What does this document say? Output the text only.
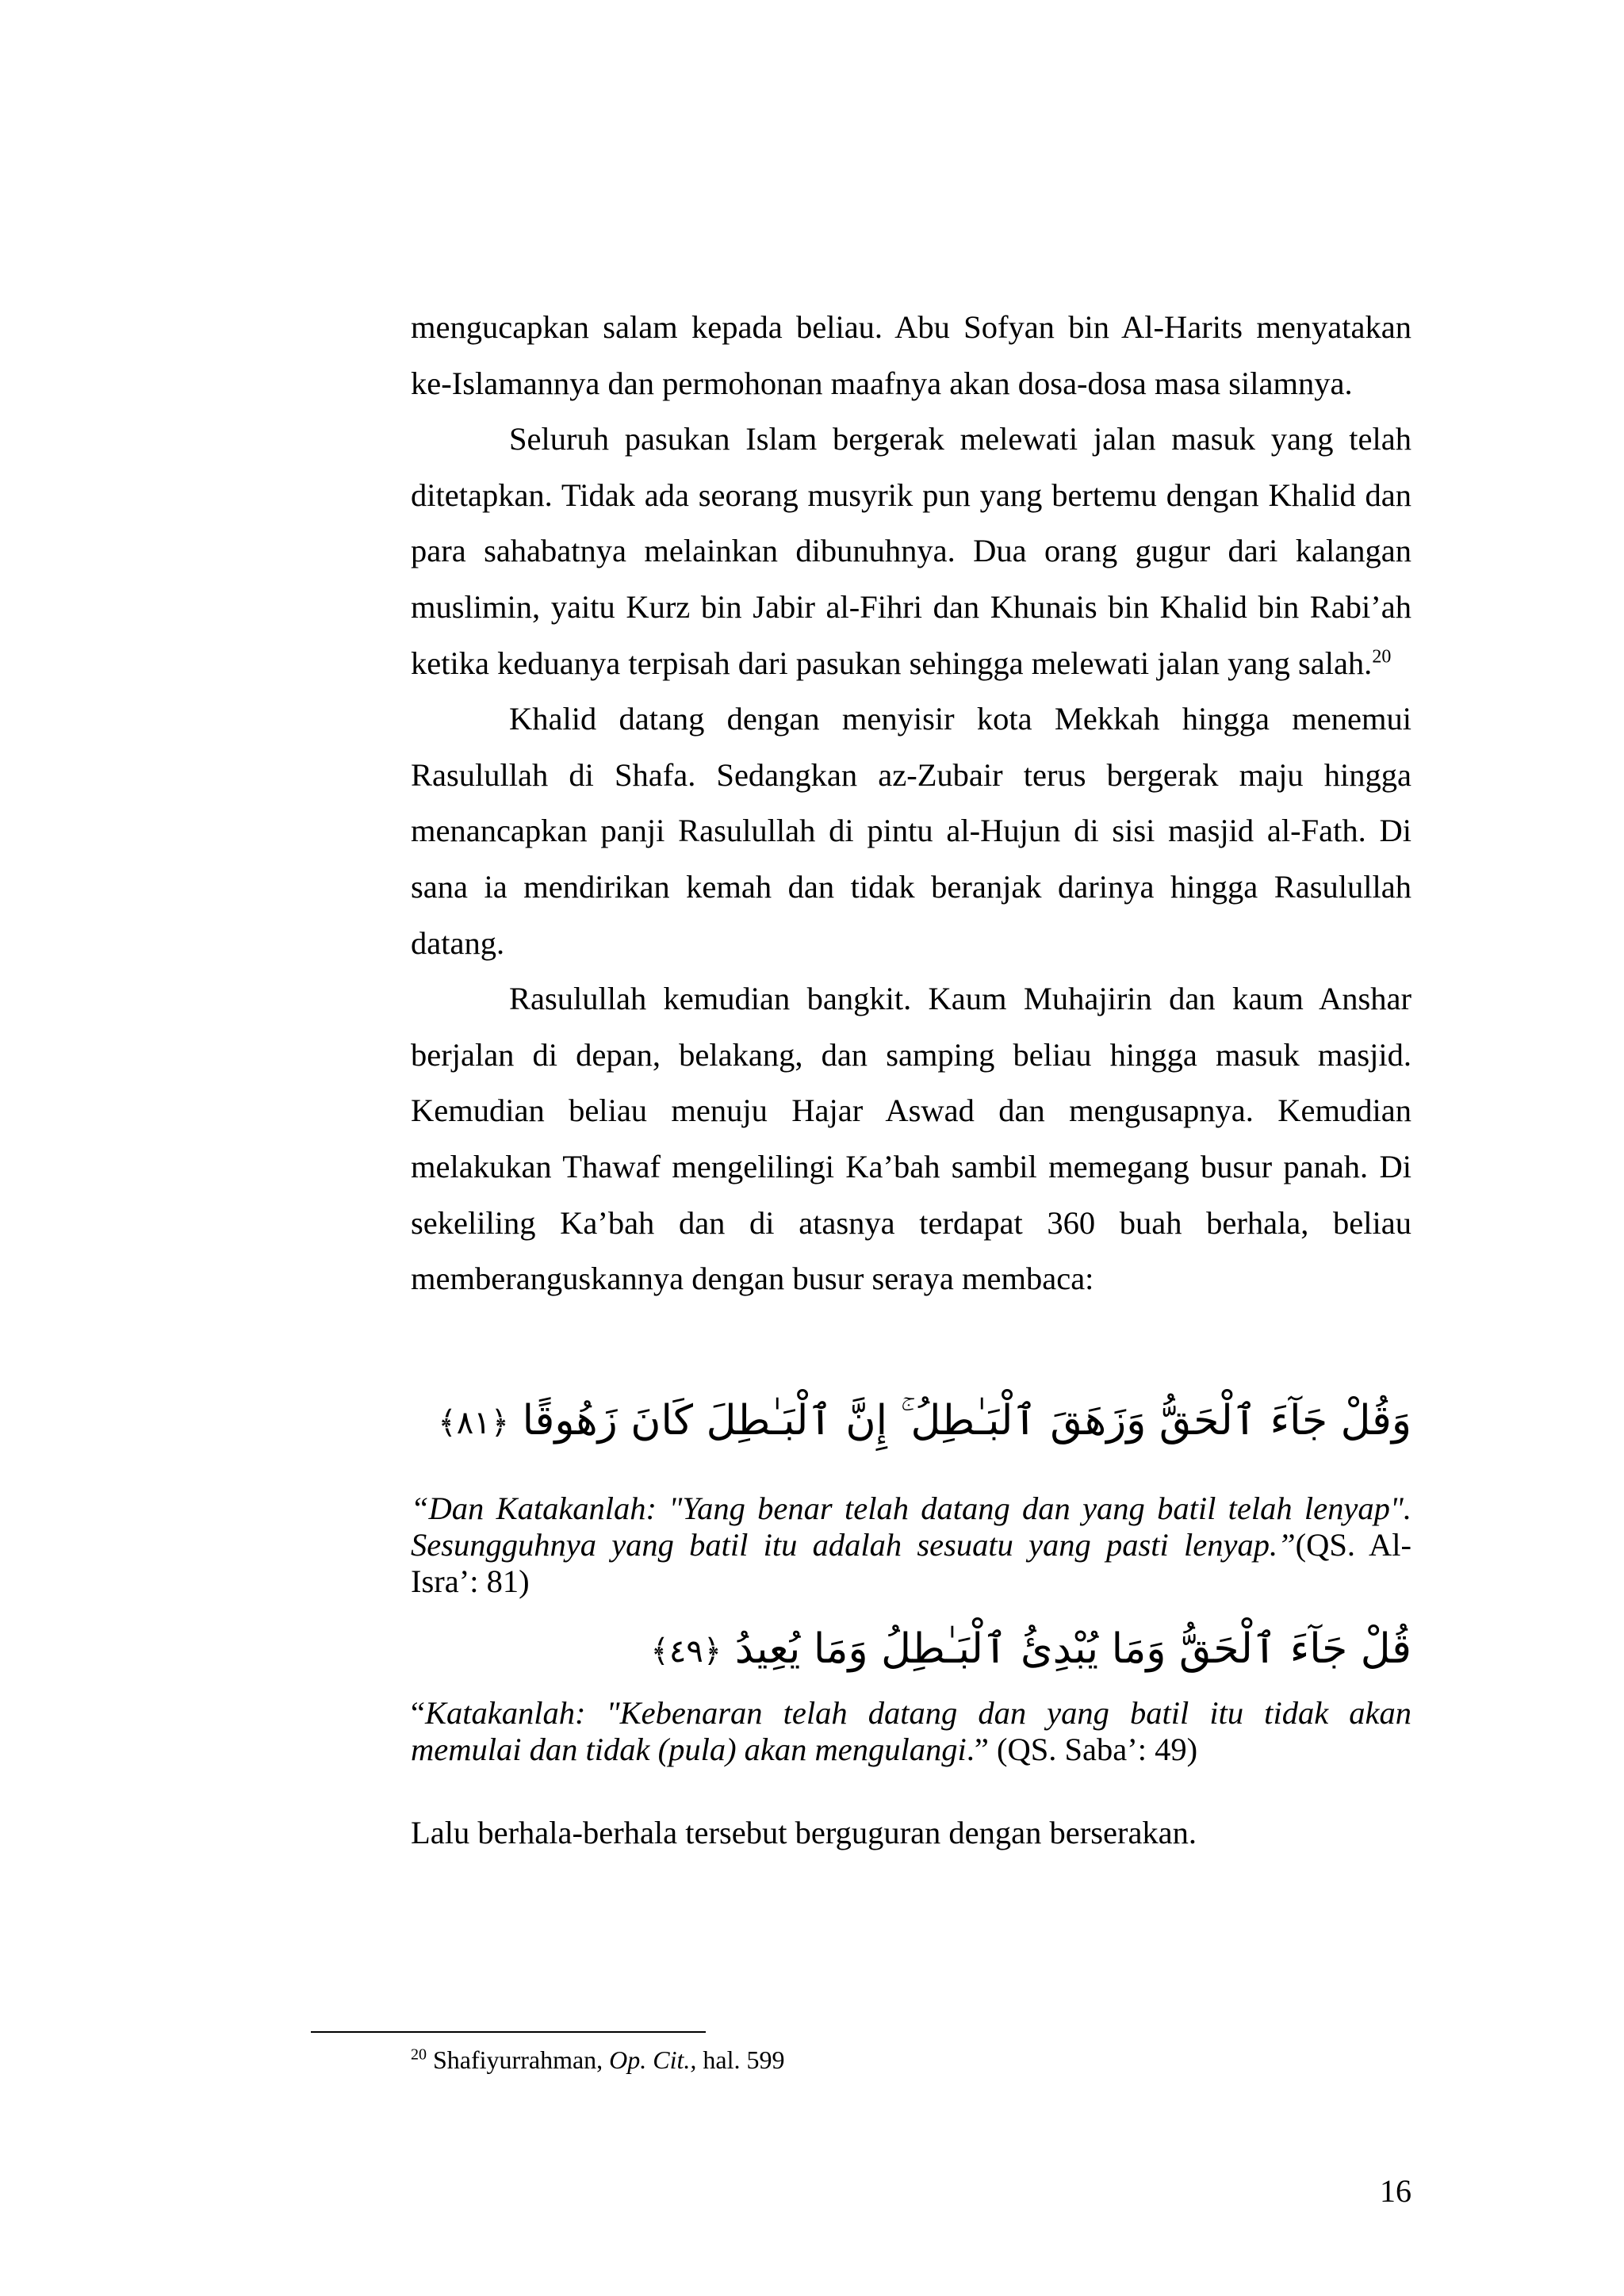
mengucapkan salam kepada beliau. Abu Sofyan bin Al-Harits menyatakan ke-Islamannya dan permohonan maafnya akan dosa-dosa masa silamnya.

Seluruh pasukan Islam bergerak melewati jalan masuk yang telah ditetapkan. Tidak ada seorang musyrik pun yang bertemu dengan Khalid dan para sahabatnya melainkan dibunuhnya. Dua orang gugur dari kalangan muslimin, yaitu Kurz bin Jabir al-Fihri dan Khunais bin Khalid bin Rabi’ah ketika keduanya terpisah dari pasukan sehingga melewati jalan yang salah.$^{20}$

Khalid datang dengan menyisir kota Mekkah hingga menemui Rasulullah di Shafa. Sedangkan az-Zubair terus bergerak maju hingga menancapkan panji Rasulullah di pintu al-Hujun di sisi masjid al-Fath. Di sana ia mendirikan kemah dan tidak beranjak darinya hingga Rasulullah datang.

Rasulullah kemudian bangkit. Kaum Muhajirin dan kaum Anshar berjalan di depan, belakang, dan samping beliau hingga masuk masjid. Kemudian beliau menuju Hajar Aswad dan mengusapnya. Kemudian melakukan Thawaf mengelilingi Ka’bah sambil memegang busur panah. Di sekeliling Ka’bah dan di atasnya terdapat 360 buah berhala, beliau memberanguskannya dengan busur seraya membaca:

وَقُلْ جَآءَ ٱلْحَقُّ وَزَهَقَ ٱلْبَـٰطِلُ ۚ إِنَّ ٱلْبَـٰطِلَ كَانَ زَهُوقًا ﴿٨١﴾

“Dan Katakanlah: "Yang benar telah datang dan yang batil telah lenyap". Sesungguhnya yang batil itu adalah sesuatu yang pasti lenyap.”(QS. Al-Isra’: 81)

قُلْ جَآءَ ٱلْحَقُّ وَمَا يُبْدِئُ ٱلْبَـٰطِلُ وَمَا يُعِيدُ ﴿٤٩﴾

“Katakanlah: "Kebenaran telah datang dan yang batil itu tidak akan memulai dan tidak (pula) akan mengulangi.” (QS. Saba’: 49)

Lalu berhala-berhala tersebut berguguran dengan berserakan.
$^{20}$ Shafiyurrahman, Op. Cit., hal. 599
16
